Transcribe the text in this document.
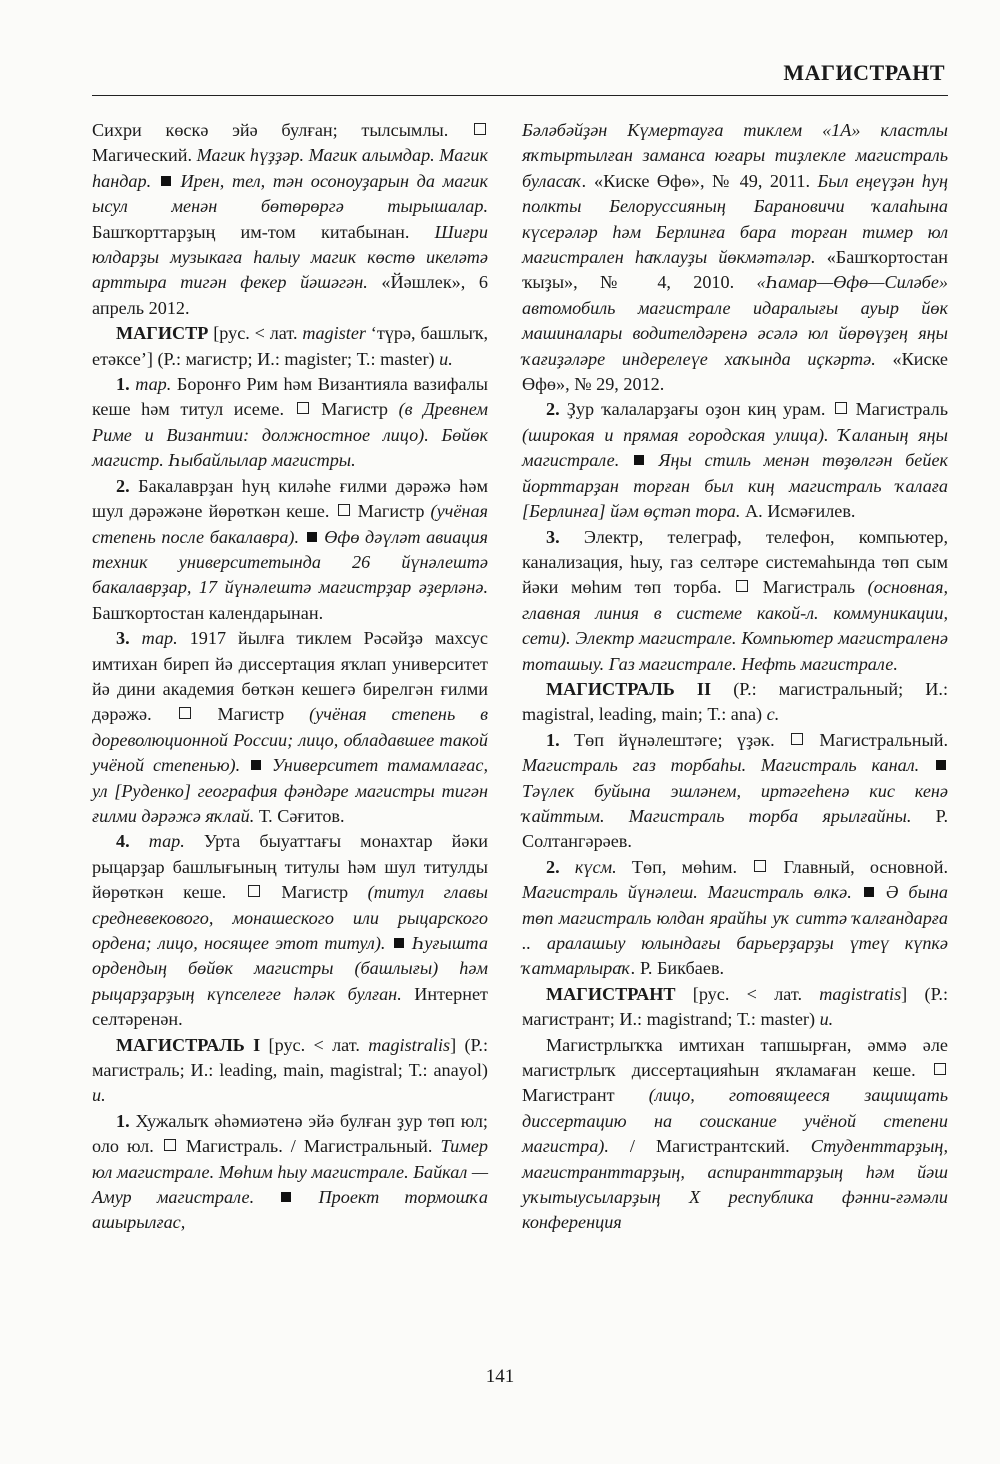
МАГИСТРАНТ

Сихри көскә эйә булған; тылсымлы.  Магический. Магик һүҙҙәр. Магик алымдар. Магик һандар. Ирен, тел, тән осоноуҙарын да магик ысул менән бөтөрөргә тырышалар. Башҡорттарҙың им-том китабынан. Шиғри юлдарҙы музыкаға һалыу магик көстө икеләтә арттыра тигән фекер йәшәгән. «Йәшлек», 6 апрель 2012.

МАГИСТР [рус. < лат. magister ‘түрә, башлыҡ, етәксе’] (Р.: магистр; И.: magister; Т.: master) и.

1. тар. Боронғо Рим һәм Византияла вазифалы кеше һәм титул исеме.  Магистр (в Древнем Риме и Византии: должностное лицо). Бөйөк магистр. Һыбайлылар магистры.

2. Бакалаврҙан һуң киләһе ғилми дәрәжә һәм шул дәрәжәне йөрөткән кеше.  Магистр (учёная степень после бакалавра). Өфө дәүләт авиация техник университетында 26 йүнәлештә бакалаврҙар, 17 йүнәлештә магистрҙар әҙерләнә. Башҡортостан календарынан.

3. тар. 1917 йылға тиклем Рәсәйҙә махсус имтихан биреп йә диссертация яҡлап университет йә дини академия бөткән кешегә бирелгән ғилми дәрәжә.  Магистр (учёная степень в дореволюционной России; лицо, обладавшее такой учёной степенью). Университет тамамлағас, ул [Руденко] география фәндәре магистры тигән ғилми дәрәжә яҡлай. Т. Сәғитов.

4. тар. Урта быуаттағы монахтар йәки рыцарҙар башлығының титулы һәм шул титулды йөрөткән кеше.  Магистр (титул главы средневекового, монашеского или рыцарского ордена; лицо, носящее этот титул). Һуғышта ордендың бөйөк магистры (башлығы) һәм рыцарҙарҙың күпселеге һәләк булған. Интернет селтәренән.

МАГИСТРАЛЬ I [рус. < лат. magistralis] (Р.: магистраль; И.: leading, main, magistral; Т.: anayol) и.

1. Хужалыҡ әһәмиәтенә эйә булған ҙур төп юл; оло юл.  Магистраль. / Магистральный. Тимер юл магистрале. Мөһим һыу магистрале. Байкал — Амур магистрале.	Проект тормошҡа ашырылғас,

Бәләбәйҙән Күмертауға тиклем «1А» кластлы яҡтыртылған заманса юғары тиҙлекле магистраль буласаҡ. «Киске Өфө», № 49, 2011. Был еңеүҙән һуң полкты Белоруссияның Барановичи ҡалаһына күсерәләр һәм Берлинға бара торған тимер юл магистрален һаҡлауҙы йөкмәтәләр. «Башҡортостан ҡыҙы», № 4, 2010. «Һамар—Өфө—Силәбе» автомобиль магистрале идаралығы ауыр йөк машиналары водителдәренә әсәлә юл йөрөүҙең яңы ҡағиҙәләре индерелеүе хаҡында иҫкәртә. «Киске Өфө», № 29, 2012.

2. Ҙур ҡалаларҙағы оҙон киң урам.  Магистраль (широкая и прямая городская улица). Ҡаланың яңы магистрале. Яңы стиль менән төҙөлгән бейек йорттарҙан торған был киң магистраль ҡалаға [Берлинға] йәм өҫтәп тора. А. Исмәғилев.

3. Электр, телеграф, телефон, компьютер, канализация, һыу, газ селтәре системаһында төп сым йәки мөһим төп торба.  Магистраль (основная, главная линия в системе какой-л. коммуникации, сети). Электр магистрале. Компьютер магистраленә тоташыу. Газ магистрале. Нефть магистрале.

МАГИСТРАЛЬ II (Р.: магистральный; И.: magistral, leading, main; Т.: ana) с.

1. Төп йүнәлештәге; үҙәк.  Магистральный. Магистраль газ торбаһы. Магистраль канал.  Тәүлек буйына эшләнем, иртәгеһенә кис кенә ҡайттым. Магистраль торба ярылғайны. Р. Солтангәрәев.

2. күсм. Төп, мөһим.  Главный, основной. Магистраль йүнәлеш. Магистраль өлкә. Ә бына төп магистраль юлдан ярайһы уҡ ситтә ҡалғандарға .. аралашыу юлындағы барьерҙарҙы үтеү күпкә ҡатмарлыраҡ. Р. Бикбаев.

МАГИСТРАНТ [рус. < лат. magistratis] (Р.: магистрант; И.: magistrand; Т.: master) и.

Магистрлыҡҡа имтихан тапшырған, әммә әле магистрлыҡ диссертацияһын яҡламаған кеше.  Магистрант (лицо, готовящееся защищать диссертацию на соискание учёной степени магистра). / Магистрантский. Студенттарҙың, магистранттарҙың, аспиранттарҙың һәм йәш уҡытыусыларҙың X республика фәнни-ғәмәли конференция

141
